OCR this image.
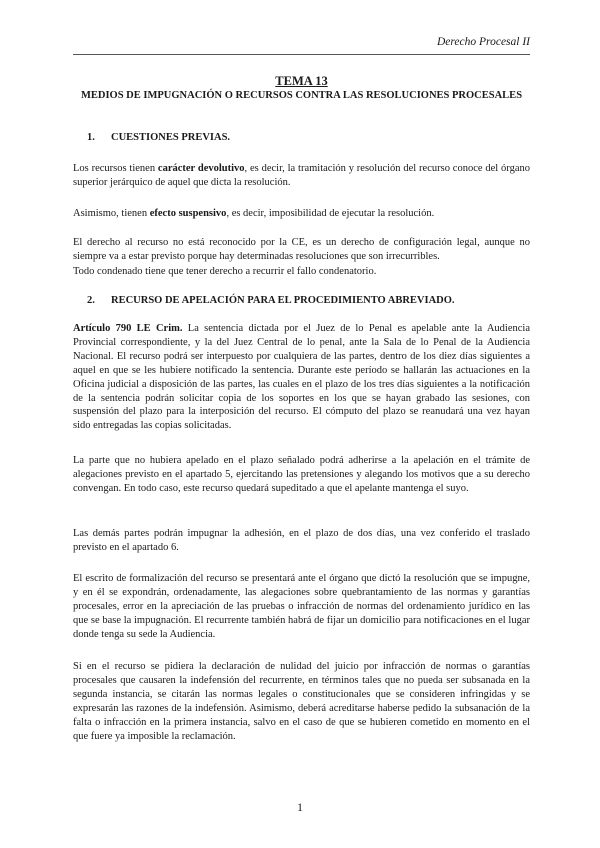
Derecho Procesal II
TEMA 13
MEDIOS DE IMPUGNACIÓN O RECURSOS CONTRA LAS RESOLUCIONES PROCESALES
1. CUESTIONES PREVIAS.

Los recursos tienen carácter devolutivo, es decir, la tramitación y resolución del recurso conoce del órgano superior jerárquico de aquel que dicta la resolución.

Asimismo, tienen efecto suspensivo, es decir, imposibilidad de ejecutar la resolución.

El derecho al recurso no está reconocido por la CE, es un derecho de configuración legal, aunque no siempre va a estar previsto porque hay determinadas resoluciones que son irrecurribles.

Todo condenado tiene que tener derecho a recurrir el fallo condenatorio.

2. RECURSO DE APELACIÓN PARA EL PROCEDIMIENTO ABREVIADO.

Artículo 790 LE Crim. La sentencia dictada por el Juez de lo Penal es apelable ante la Audiencia Provincial correspondiente, y la del Juez Central de lo penal, ante la Sala de lo Penal de la Audiencia Nacional. El recurso podrá ser interpuesto por cualquiera de las partes, dentro de los diez días siguientes a aquel en que se les hubiere notificado la sentencia. Durante este período se hallarán las actuaciones en la Oficina judicial a disposición de las partes, las cuales en el plazo de los tres días siguientes a la notificación de la sentencia podrán solicitar copia de los soportes en los que se hayan grabado las sesiones, con suspensión del plazo para la interposición del recurso. El cómputo del plazo se reanudará una vez hayan sido entregadas las copias solicitadas.

La parte que no hubiera apelado en el plazo señalado podrá adherirse a la apelación en el trámite de alegaciones previsto en el apartado 5, ejercitando las pretensiones y alegando los motivos que a su derecho convengan. En todo caso, este recurso quedará supeditado a que el apelante mantenga el suyo.

Las demás partes podrán impugnar la adhesión, en el plazo de dos días, una vez conferido el traslado previsto en el apartado 6.

El escrito de formalización del recurso se presentará ante el órgano que dictó la resolución que se impugne, y en él se expondrán, ordenadamente, las alegaciones sobre quebrantamiento de las normas y garantías procesales, error en la apreciación de las pruebas o infracción de normas del ordenamiento jurídico en las que se base la impugnación. El recurrente también habrá de fijar un domicilio para notificaciones en el lugar donde tenga su sede la Audiencia.

Si en el recurso se pidiera la declaración de nulidad del juicio por infracción de normas o garantías procesales que causaren la indefensión del recurrente, en términos tales que no pueda ser subsanada en la segunda instancia, se citarán las normas legales o constitucionales que se consideren infringidas y se expresarán las razones de la indefensión. Asimismo, deberá acreditarse haberse pedido la subsanación de la falta o infracción en la primera instancia, salvo en el caso de que se hubieren cometido en momento en el que fuere ya imposible la reclamación.

1
